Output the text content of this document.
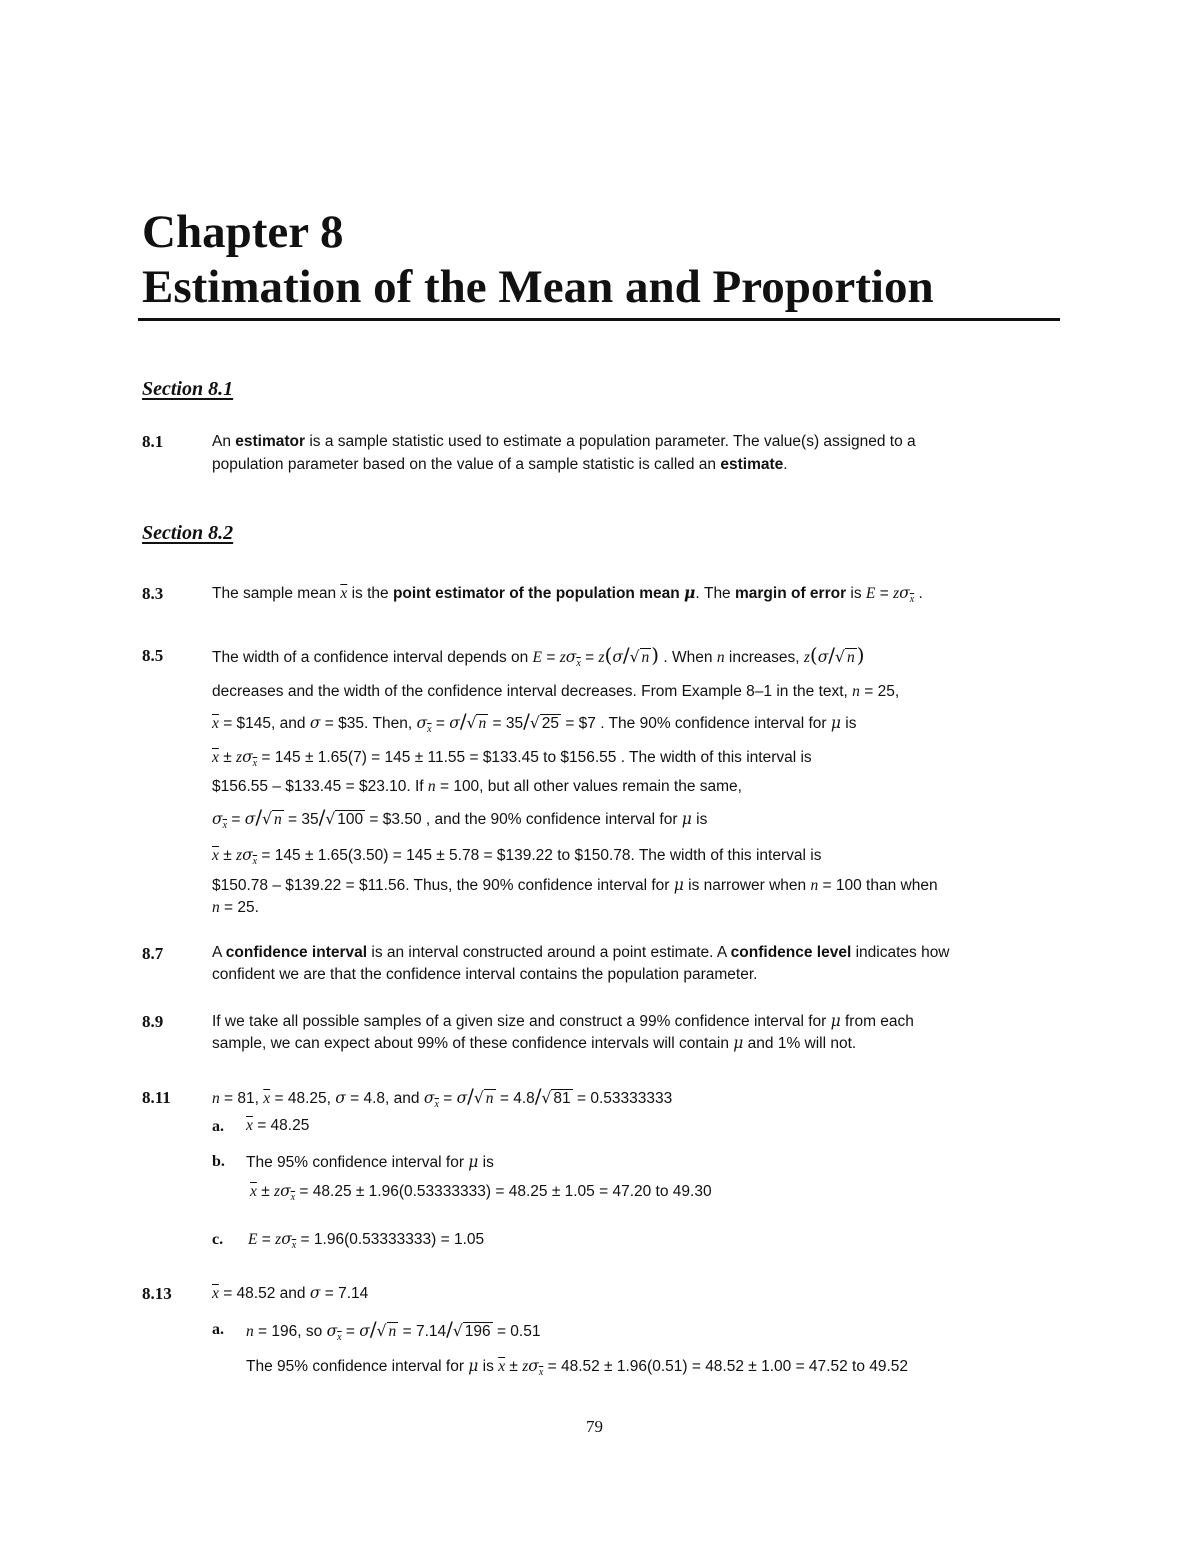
Chapter 8
Estimation of the Mean and Proportion
Section 8.1
8.1	An estimator is a sample statistic used to estimate a population parameter. The value(s) assigned to a
population parameter based on the value of a sample statistic is called an estimate.
Section 8.2
8.3	The sample mean $\overline{x}$ is the point estimator of the population mean μ. The margin of error is $E = z\sigma_{\overline{x}}$ .
8.5	The width of a confidence interval depends on $E = z\sigma_{\overline{x}} = z(\sigma/√$ n ) . When n increases, z(σ/√ n )
decreases and the width of the confidence interval decreases. From Example 8–1 in the text, n = 25,
$\overline{x}$ = $145, and σ = $35. Then, $\sigma_{\overline{x}} = \sigma/√$ n = 35/√ 25 = $7 . The 90% confidence interval for μ is
$\overline{x} \pm z\sigma_{\overline{x}} = 145 \pm 1.65(7) = 145 \pm 11.55$ = $133.45 to $156.55 . The width of this interval is
$156.55 – $133.45 = $23.10. If n = 100, but all other values remain the same,
$\sigma_{\overline{x}} = \sigma/√$ n = 35/√ 100 = $3.50 , and the 90% confidence interval for μ is
$\overline{x} \pm z\sigma_{\overline{x}} = 145 \pm 1.65(3.50) = 145 \pm 5.78$ = $139.22 to $150.78. The width of this interval is
$150.78 – $139.22 = $11.56. Thus, the 90% confidence interval for μ is narrower when n = 100 than when
n = 25.
8.7	A confidence interval is an interval constructed around a point estimate. A confidence level indicates how
confident we are that the confidence interval contains the population parameter.
8.9	If we take all possible samples of a given size and construct a 99% confidence interval for μ from each
sample, we can expect about 99% of these confidence intervals will contain μ and 1% will not.
8.11	n = 81, $\overline{x} = 48.25$, σ = 4.8, and $\sigma_{\overline{x}} = \sigma/√$ n = 4.8/√ 81 = 0.53333333
a. $\overline{x} = 48.25$
b. The 95% confidence interval for μ is
$\overline{x} \pm z\sigma_{\overline{x}} = 48.25 \pm 1.96(0.53333333) = 48.25 \pm 1.05 = 47.20$ to 49.30
c. $E = z\sigma_{\overline{x}} = 1.96(0.53333333) = 1.05$
8.13	$\overline{x} = 48.52$ and σ = 7.14
a. n = 196, so $\sigma_{\overline{x}} = \sigma/√$ n = 7.14/√ 196 = 0.51
The 95% confidence interval for μ is $\overline{x} \pm z\sigma_{\overline{x}} = 48.52 \pm 1.96(0.51) = 48.52 \pm 1.00 = 47.52$ to 49.52
79
